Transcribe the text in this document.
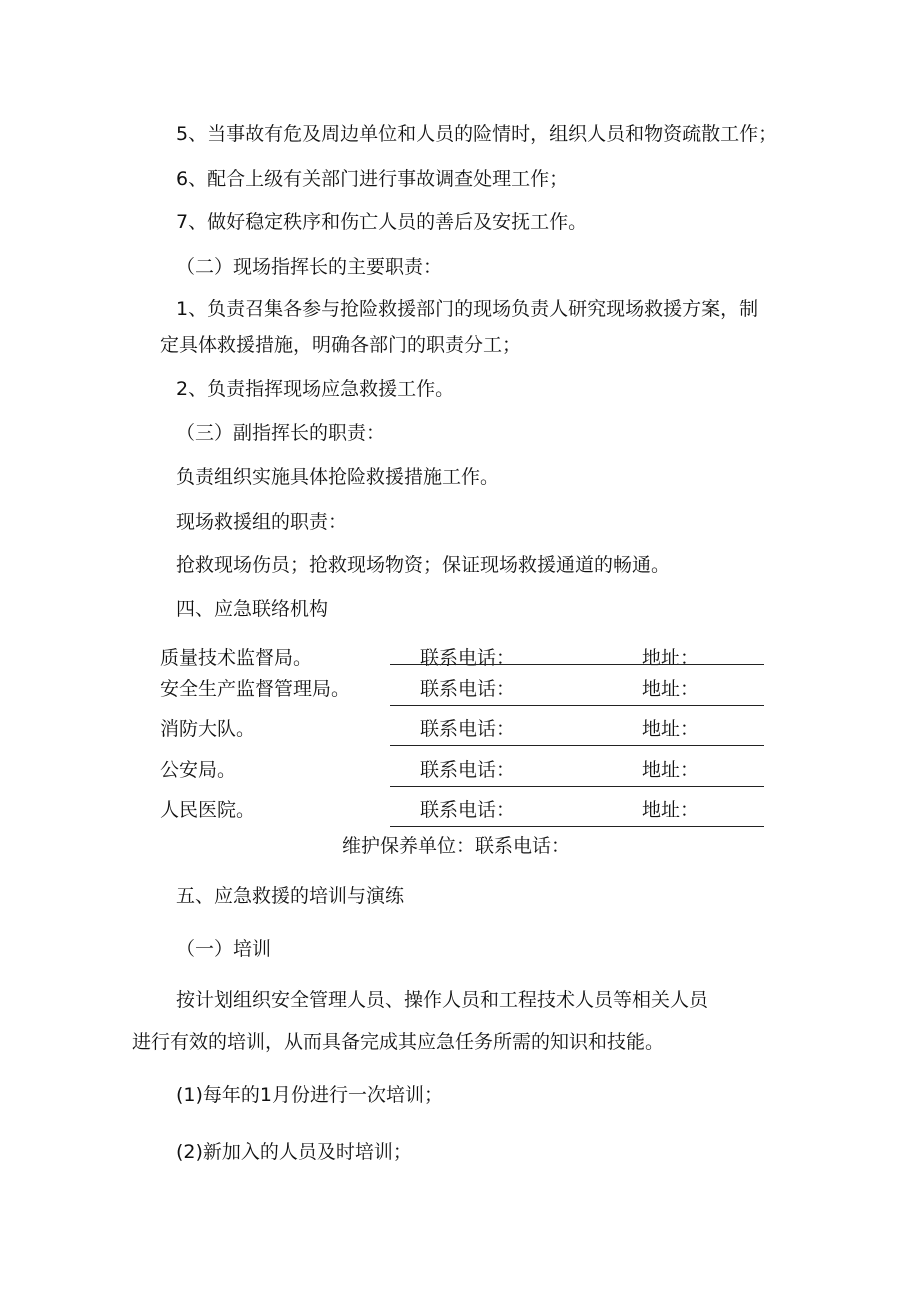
5、当事故有危及周边单位和人员的险情时，组织人员和物资疏散工作；
6、配合上级有关部门进行事故调查处理工作；
7、做好稳定秩序和伤亡人员的善后及安抚工作。
（二）现场指挥长的主要职责：
1、负责召集各参与抢险救援部门的现场负责人研究现场救援方案，制
定具体救援措施，明确各部门的职责分工；
2、负责指挥现场应急救援工作。
（三）副指挥长的职责：
负责组织实施具体抢险救援措施工作。
现场救援组的职责：
抢救现场伤员；抢救现场物资；保证现场救援通道的畅通。
四、应急联络机构
质量技术监督局。	联系电话：	地址：
安全生产监督管理局。	联系电话：	地址：
消防大队。	联系电话：	地址：
公安局。	联系电话：	地址：
人民医院。	联系电话：	地址：
维护保养单位：联系电话：
五、应急救援的培训与演练
（一）培训
按计划组织安全管理人员、操作人员和工程技术人员等相关人员
进行有效的培训，从而具备完成其应急任务所需的知识和技能。
(1)每年的1月份进行一次培训；
(2)新加入的人员及时培训；
